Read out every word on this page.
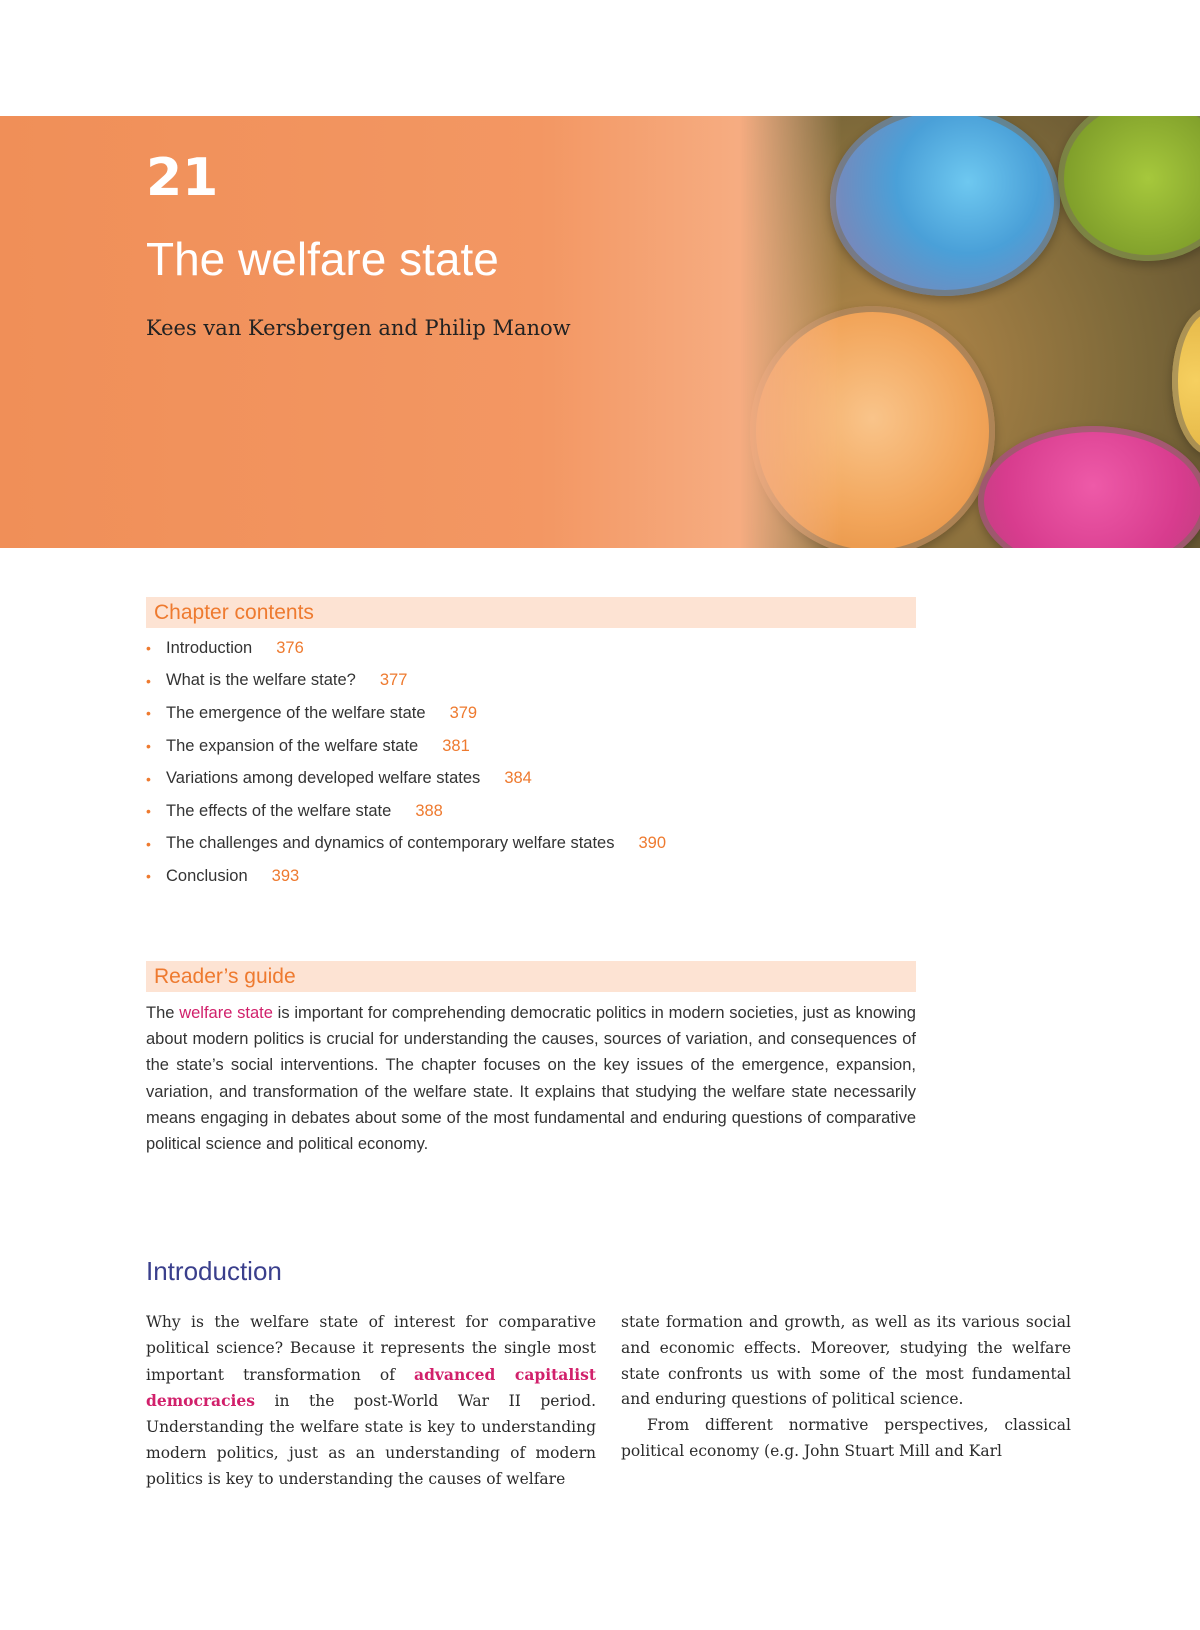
21
The welfare state

Kees van Kersbergen and Philip Manow

Chapter contents
• Introduction 376
• What is the welfare state? 377
• The emergence of the welfare state 379
• The expansion of the welfare state 381
• Variations among developed welfare states 384
• The effects of the welfare state 388
• The challenges and dynamics of contemporary welfare states 390
• Conclusion 393
Reader’s guide

The welfare state is important for comprehending democratic politics in modern societies, just as knowing about modern politics is crucial for understanding the causes, sources of variation, and consequences of the state’s social interventions. The chapter focuses on the key issues of the emergence, expansion, variation, and transformation of the welfare state. It explains that studying the welfare state necessarily means engaging in debates about some of the most fundamental and enduring questions of comparative political science and political economy.

Introduction

Why is the welfare state of interest for comparative political science? Because it represents the single most important transformation of advanced capitalist democracies in the post-World War II period. Understanding the welfare state is key to understanding modern politics, just as an understanding of modern politics is key to understanding the causes of welfare

state formation and growth, as well as its various social and economic effects. Moreover, studying the welfare state confronts us with some of the most fundamental and enduring questions of political science.

From different normative perspectives, classical political economy (e.g. John Stuart Mill and Karl
